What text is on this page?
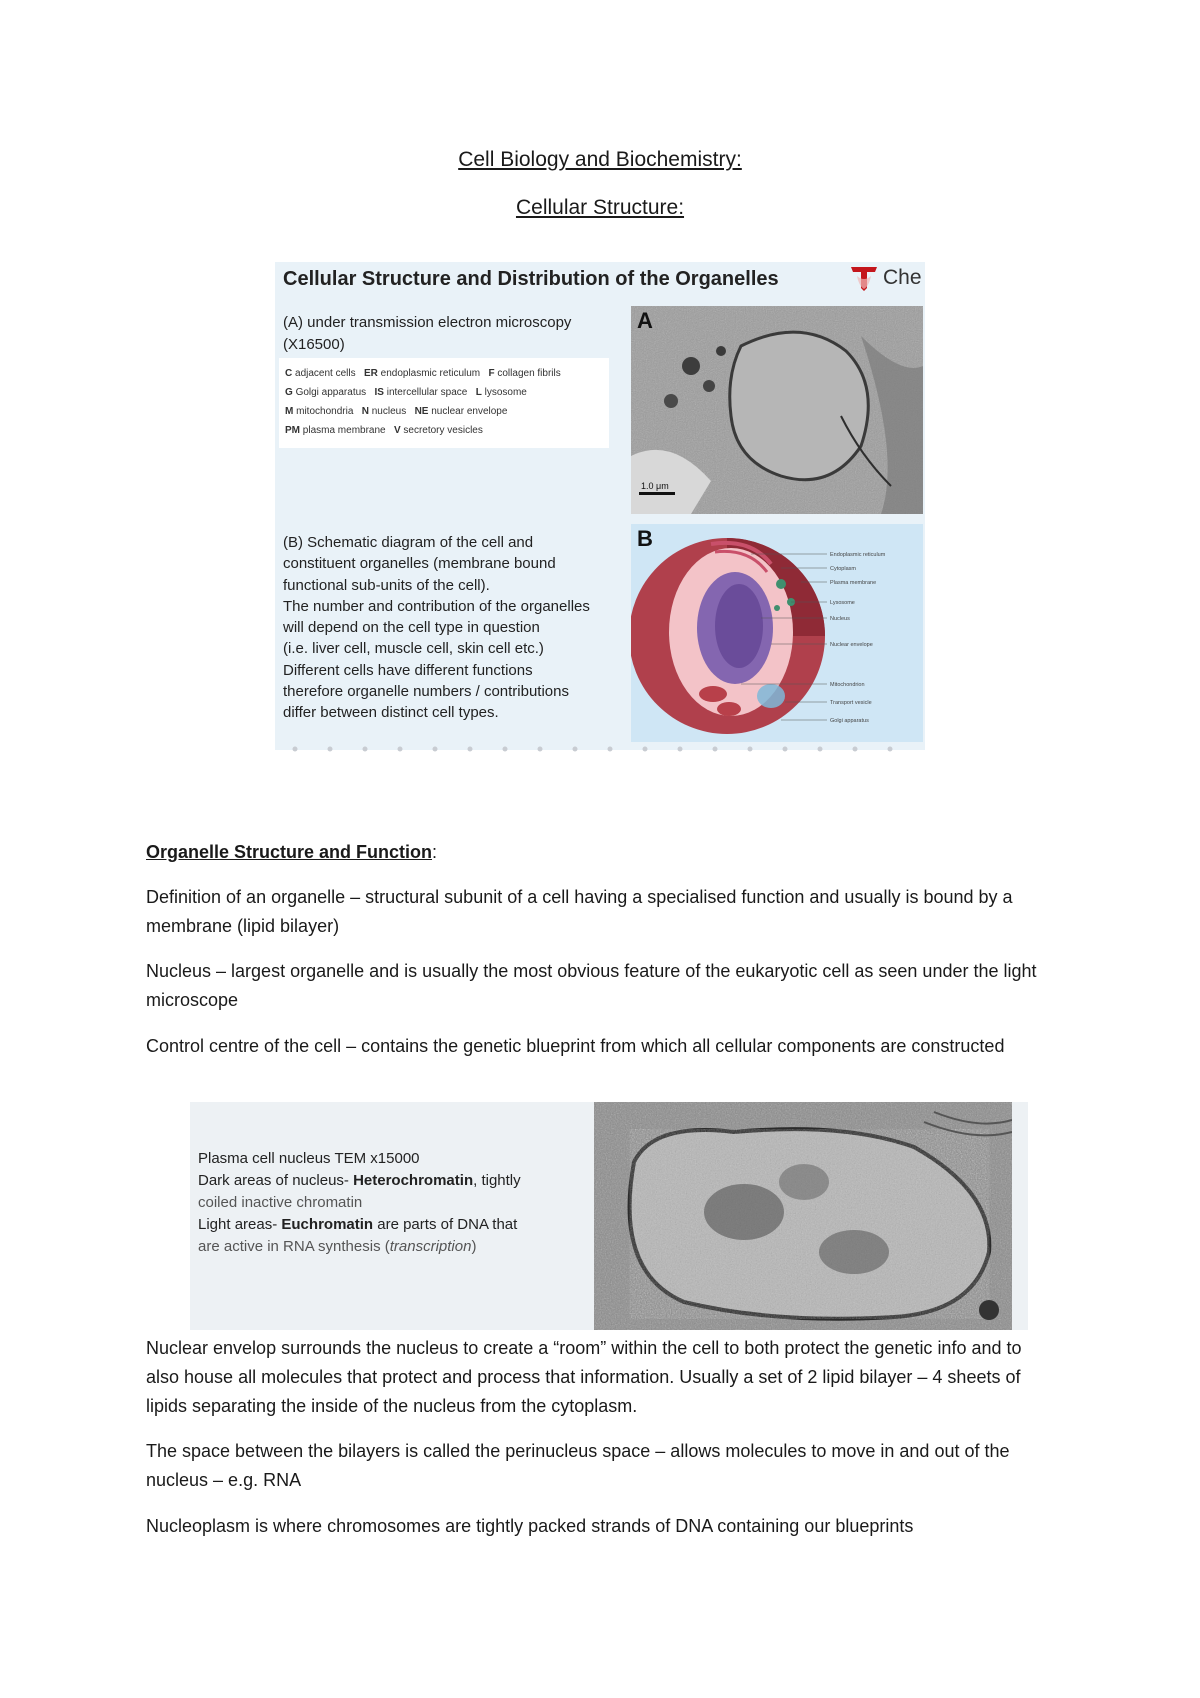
Cell Biology and Biochemistry:
Cellular Structure:
Cellular Structure and Distribution of the Organelles	Che
(A) under transmission electron microscopy (X16500)
C adjacent cells ER endoplasmic reticulum F collagen fibrils
G Golgi apparatus IS intercellular space L lysosome
M mitochondria N nucleus NE nuclear envelope
PM plasma membrane V secretory vesicles
1.0 μm
A
(B) Schematic diagram of the cell and
constituent organelles (membrane bound
functional sub-units of the cell).
The number and contribution of the organelles
will depend on the cell type in question
(i.e. liver cell, muscle cell, skin cell etc.)
Different cells have different functions
therefore organelle numbers / contributions
differ between distinct cell types.
Endoplasmic reticulum
Cytoplasm
Plasma membrane
Lysosome
Nucleus
Nuclear envelope
Mitochondrion
Transport vesicle
Golgi apparatus
B
Organelle Structure and Function:
Definition of an organelle – structural subunit of a cell having a specialised function and usually is bound by a membrane (lipid bilayer)
Nucleus – largest organelle and is usually the most obvious feature of the eukaryotic cell as seen under the light microscope
Control centre of the cell – contains the genetic blueprint from which all cellular components are constructed
Plasma cell nucleus TEM x15000
Dark areas of nucleus- Heterochromatin, tightly
coiled inactive chromatin
Light areas- Euchromatin are parts of DNA that
are active in RNA synthesis (transcription)
Nuclear envelop surrounds the nucleus to create a “room” within the cell to both protect the genetic info and to also house all molecules that protect and process that information. Usually a set of 2 lipid bilayer – 4 sheets of lipids separating the inside of the nucleus from the cytoplasm.
The space between the bilayers is called the perinucleus space – allows molecules to move in and out of the nucleus – e.g. RNA
Nucleoplasm is where chromosomes are tightly packed strands of DNA containing our blueprints
